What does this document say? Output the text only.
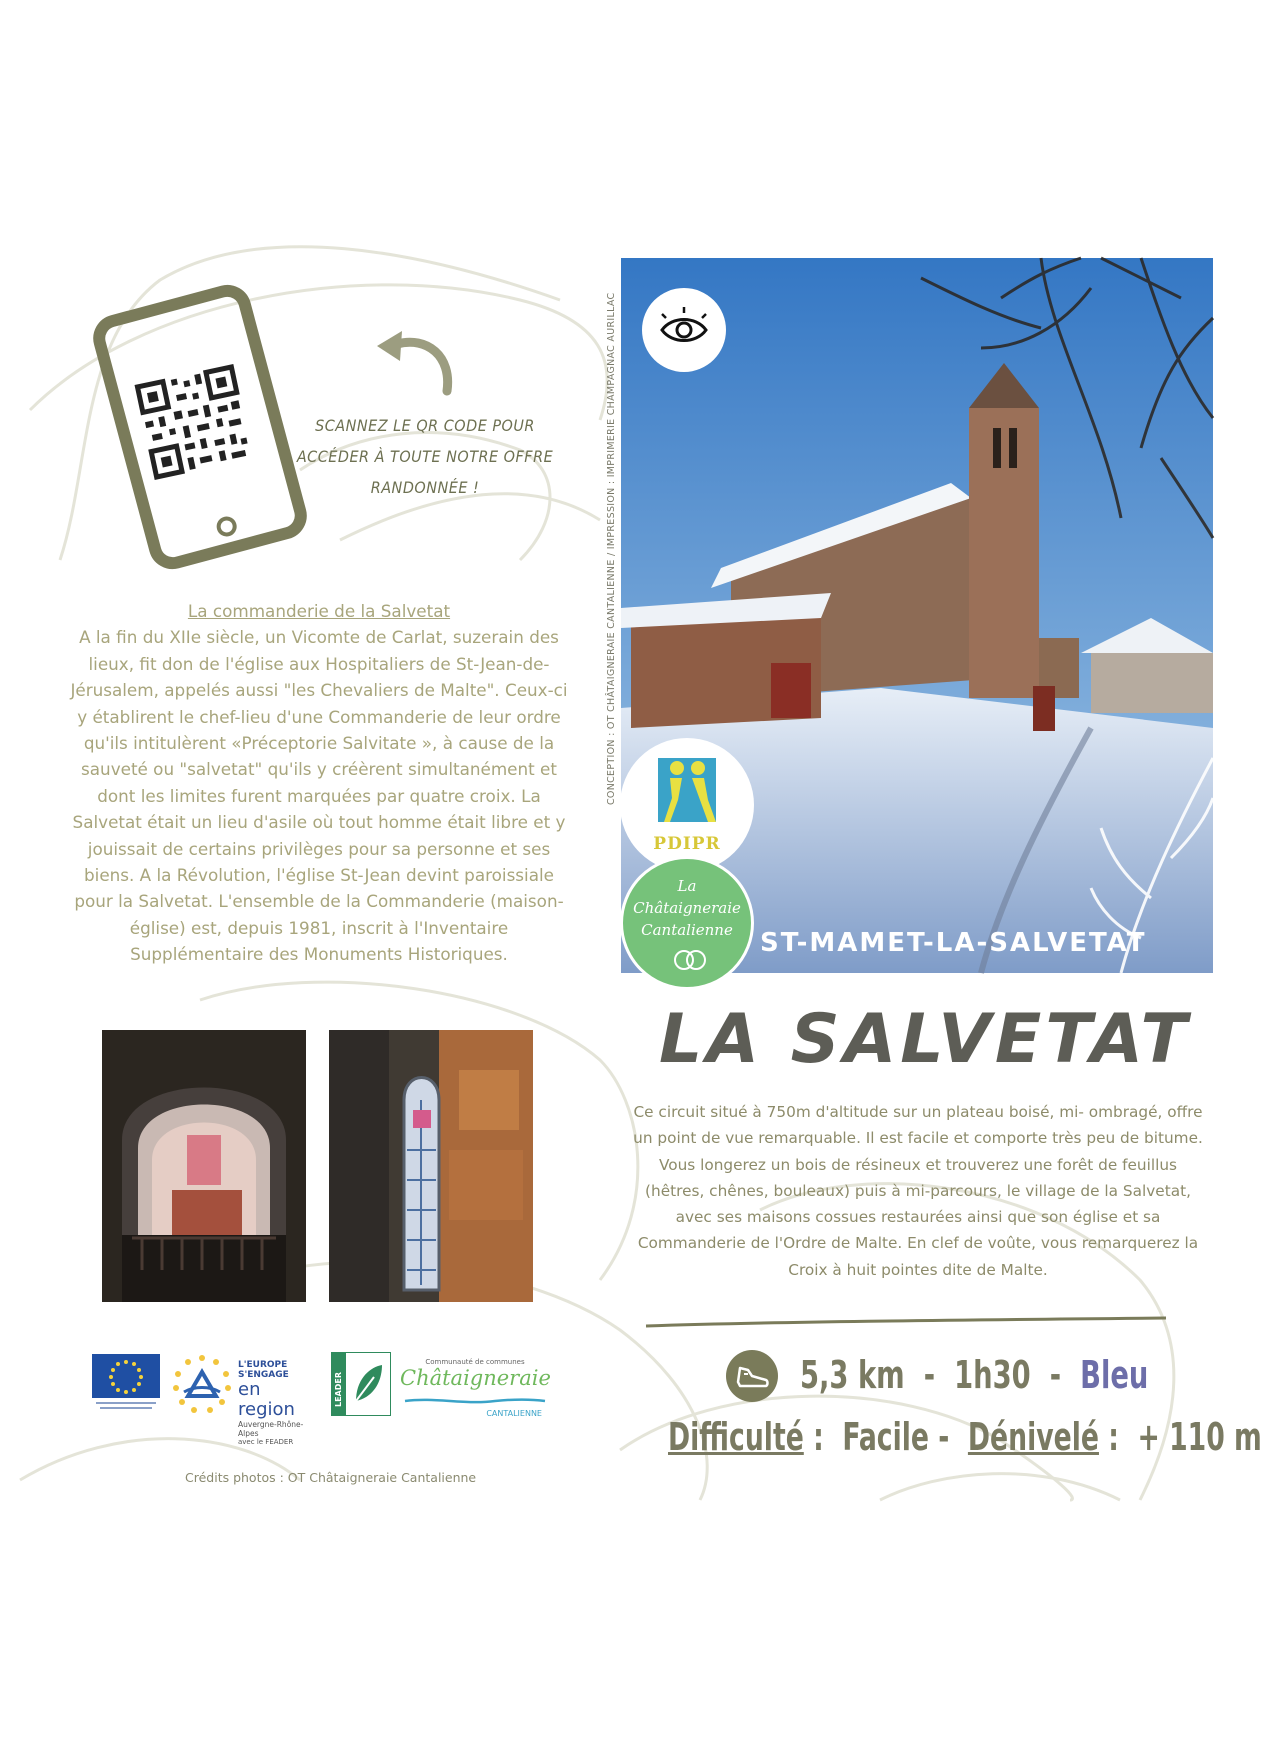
SCANNEZ LE QR CODE POUR
ACCÉDER À TOUTE NOTRE OFFRE
RANDONNÉE !

La commanderie de la Salvetat

A la fin du XIIe siècle, un Vicomte de Carlat, suzerain des lieux, fit don de l'église aux Hospitaliers de St-Jean-de-Jérusalem, appelés aussi "les Chevaliers de Malte". Ceux-ci y établirent le chef-lieu d'une Commanderie de leur ordre qu'ils intitulèrent «Préceptorie Salvitate », à cause de la sauveté ou "salvetat" qu'ils y créèrent simultanément et dont les limites furent marquées par quatre croix. La Salvetat était un lieu d'asile où tout homme était libre et y jouissait de certains privilèges pour sa personne et ses biens. A la Révolution, l'église St-Jean devint paroissiale pour la Salvetat. L'ensemble de la Commanderie (maison-église) est, depuis 1981, inscrit à l'Inventaire Supplémentaire des Monuments Historiques.

CONCEPTION : OT CHÂTAIGNERAIE CANTALIENNE / IMPRESSION : IMPRIMERIE CHAMPAGNAC AURILLAC
PDIPR
La
Châtaigneraie
Cantalienne	ST-MAMET-LA-SALVETAT
LA SALVETAT
Ce circuit situé à 750m d'altitude sur un plateau boisé, mi- ombragé, offre un point de vue remarquable. Il est facile et comporte très peu de bitume. Vous longerez un bois de résineux et trouverez une forêt de feuillus (hêtres, chênes, bouleaux) puis à mi-parcours, le village de la Salvetat, avec ses maisons cossues restaurées ainsi que son église et sa Commanderie de l'Ordre de Malte. En clef de voûte, vous remarquerez la Croix à huit pointes dite de Malte.
5,3 km - 1h30 - Bleu
Difficulté : Facile - Dénivelé : + 110 m
L'EUROPE S'ENGAGE
en region
Auvergne-Rhône-Alpes
avec le FEADER
LEADER
Communauté de communes
Châtaigneraie
CANTALIENNE
Crédits photos : OT Châtaigneraie Cantalienne
